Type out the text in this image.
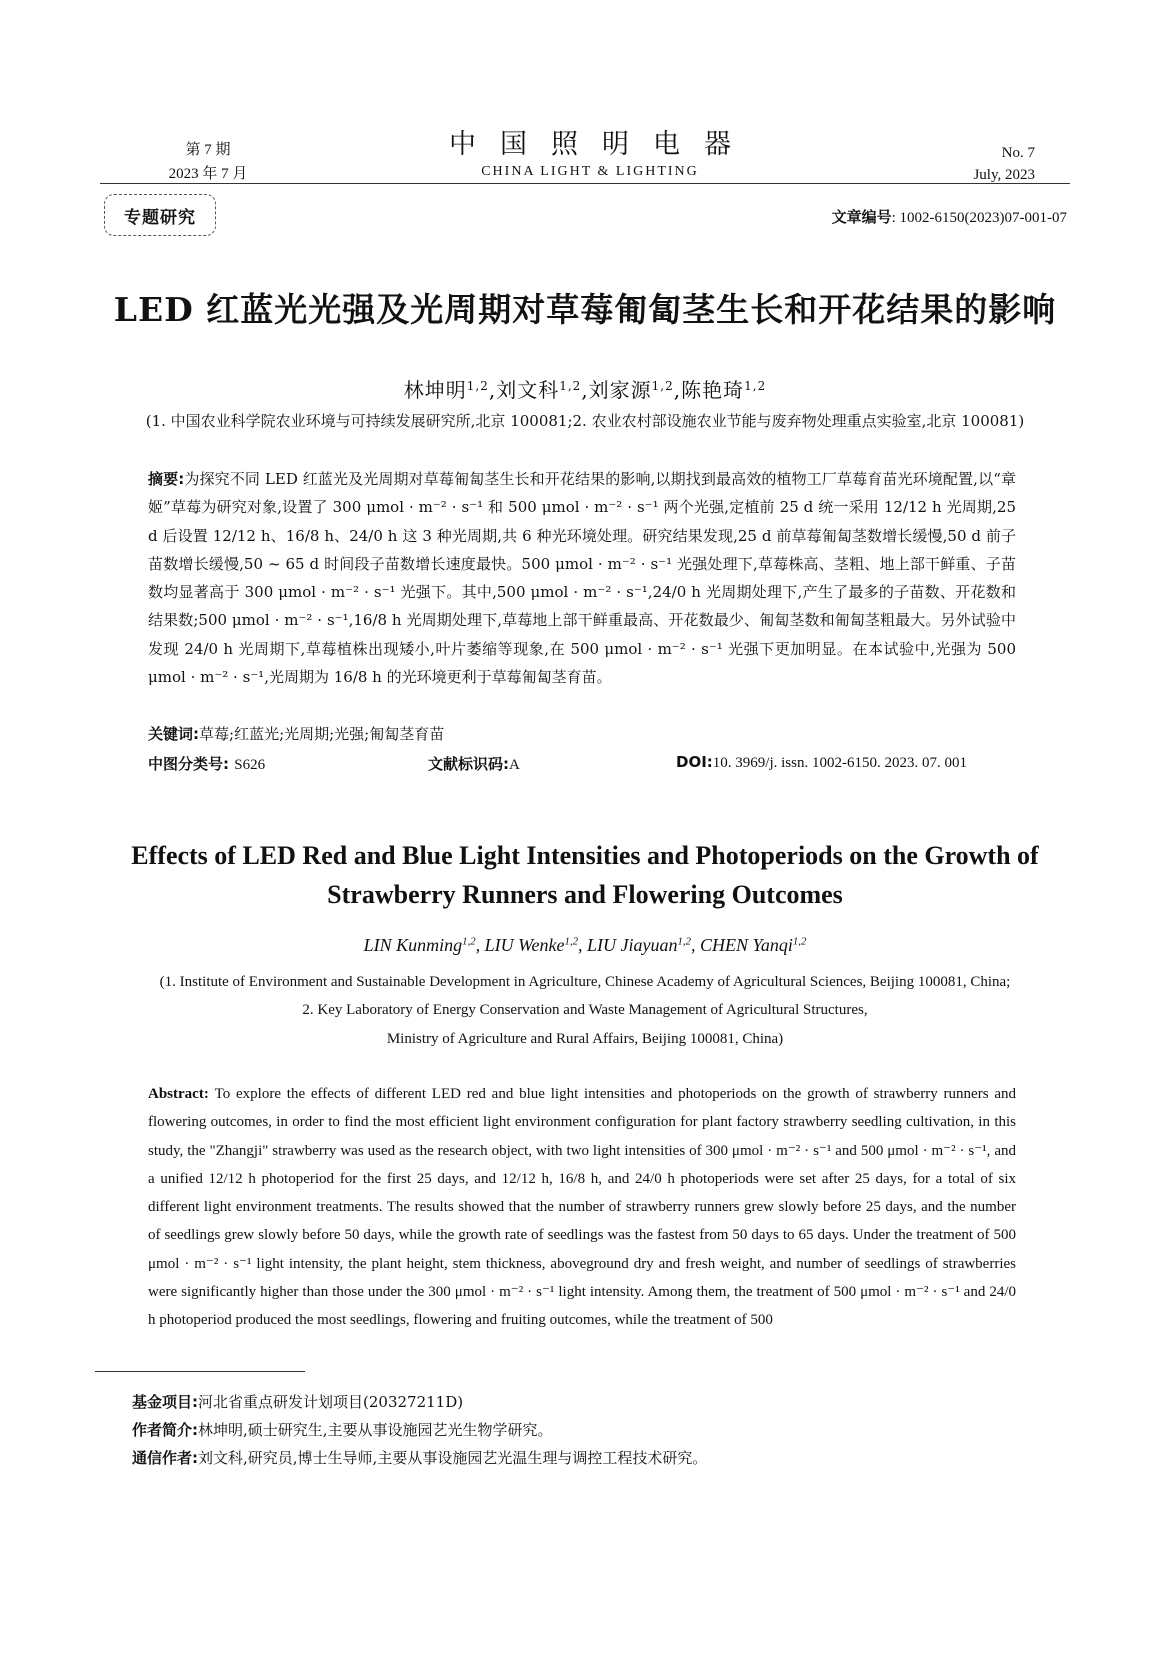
第 7 期
2023 年 7 月
中国照明电器
CHINA LIGHT & LIGHTING
No. 7
July, 2023
专题研究	文章编号: 1002-6150(2023)07-001-07
LED 红蓝光光强及光周期对草莓匍匐茎生长和开花结果的影响
林坤明$^{1,2}$,刘文科$^{1,2}$,刘家源$^{1,2}$,陈艳琦$^{1,2}$
(1. 中国农业科学院农业环境与可持续发展研究所,北京 100081;2. 农业农村部设施农业节能与废弃物处理重点实验室,北京 100081)
摘要:为探究不同 LED 红蓝光及光周期对草莓匍匐茎生长和开花结果的影响,以期找到最高效的植物工厂草莓育苗光环境配置,以“章姬”草莓为研究对象,设置了 300 μmol · m⁻² · s⁻¹ 和 500 μmol · m⁻² · s⁻¹ 两个光强,定植前 25 d 统一采用 12/12 h 光周期,25 d 后设置 12/12 h、16/8 h、24/0 h 这 3 种光周期,共 6 种光环境处理。研究结果发现,25 d 前草莓匍匐茎数增长缓慢,50 d 前子苗数增长缓慢,50 ~ 65 d 时间段子苗数增长速度最快。500 μmol · m⁻² · s⁻¹ 光强处理下,草莓株高、茎粗、地上部干鲜重、子苗数均显著高于 300 μmol · m⁻² · s⁻¹ 光强下。其中,500 μmol · m⁻² · s⁻¹,24/0 h 光周期处理下,产生了最多的子苗数、开花数和结果数;500 μmol · m⁻² · s⁻¹,16/8 h 光周期处理下,草莓地上部干鲜重最高、开花数最少、匍匐茎数和匍匐茎粗最大。另外试验中发现 24/0 h 光周期下,草莓植株出现矮小,叶片萎缩等现象,在 500 μmol · m⁻² · s⁻¹ 光强下更加明显。在本试验中,光强为 500 μmol · m⁻² · s⁻¹,光周期为 16/8 h 的光环境更利于草莓匍匐茎育苗。
关键词:草莓;红蓝光;光周期;光强;匍匐茎育苗
中图分类号: S626	文献标识码:A	DOI:10. 3969/j. issn. 1002-6150. 2023. 07. 001
Effects of LED Red and Blue Light Intensities and Photoperiods on the Growth of Strawberry Runners and Flowering Outcomes
LIN Kunming$^{1,2}$, LIU Wenke$^{1,2}$, LIU Jiayuan$^{1,2}$, CHEN Yanqi$^{1,2}$
(1. Institute of Environment and Sustainable Development in Agriculture, Chinese Academy of Agricultural Sciences, Beijing 100081, China;
2. Key Laboratory of Energy Conservation and Waste Management of Agricultural Structures,
Ministry of Agriculture and Rural Affairs, Beijing 100081, China)
Abstract: To explore the effects of different LED red and blue light intensities and photoperiods on the growth of strawberry runners and flowering outcomes, in order to find the most efficient light environment configuration for plant factory strawberry seedling cultivation, in this study, the "Zhangji" strawberry was used as the research object, with two light intensities of 300 μmol · m⁻² · s⁻¹ and 500 μmol · m⁻² · s⁻¹, and a unified 12/12 h photoperiod for the first 25 days, and 12/12 h, 16/8 h, and 24/0 h photoperiods were set after 25 days, for a total of six different light environment treatments. The results showed that the number of strawberry runners grew slowly before 25 days, and the number of seedlings grew slowly before 50 days, while the growth rate of seedlings was the fastest from 50 days to 65 days. Under the treatment of 500 μmol · m⁻² · s⁻¹ light intensity, the plant height, stem thickness, aboveground dry and fresh weight, and number of seedlings of strawberries were significantly higher than those under the 300 μmol · m⁻² · s⁻¹ light intensity. Among them, the treatment of 500 μmol · m⁻² · s⁻¹ and 24/0 h photoperiod produced the most seedlings, flowering and fruiting outcomes, while the treatment of 500
基金项目:河北省重点研发计划项目(20327211D)
作者简介:林坤明,硕士研究生,主要从事设施园艺光生物学研究。
通信作者:刘文科,研究员,博士生导师,主要从事设施园艺光温生理与调控工程技术研究。
